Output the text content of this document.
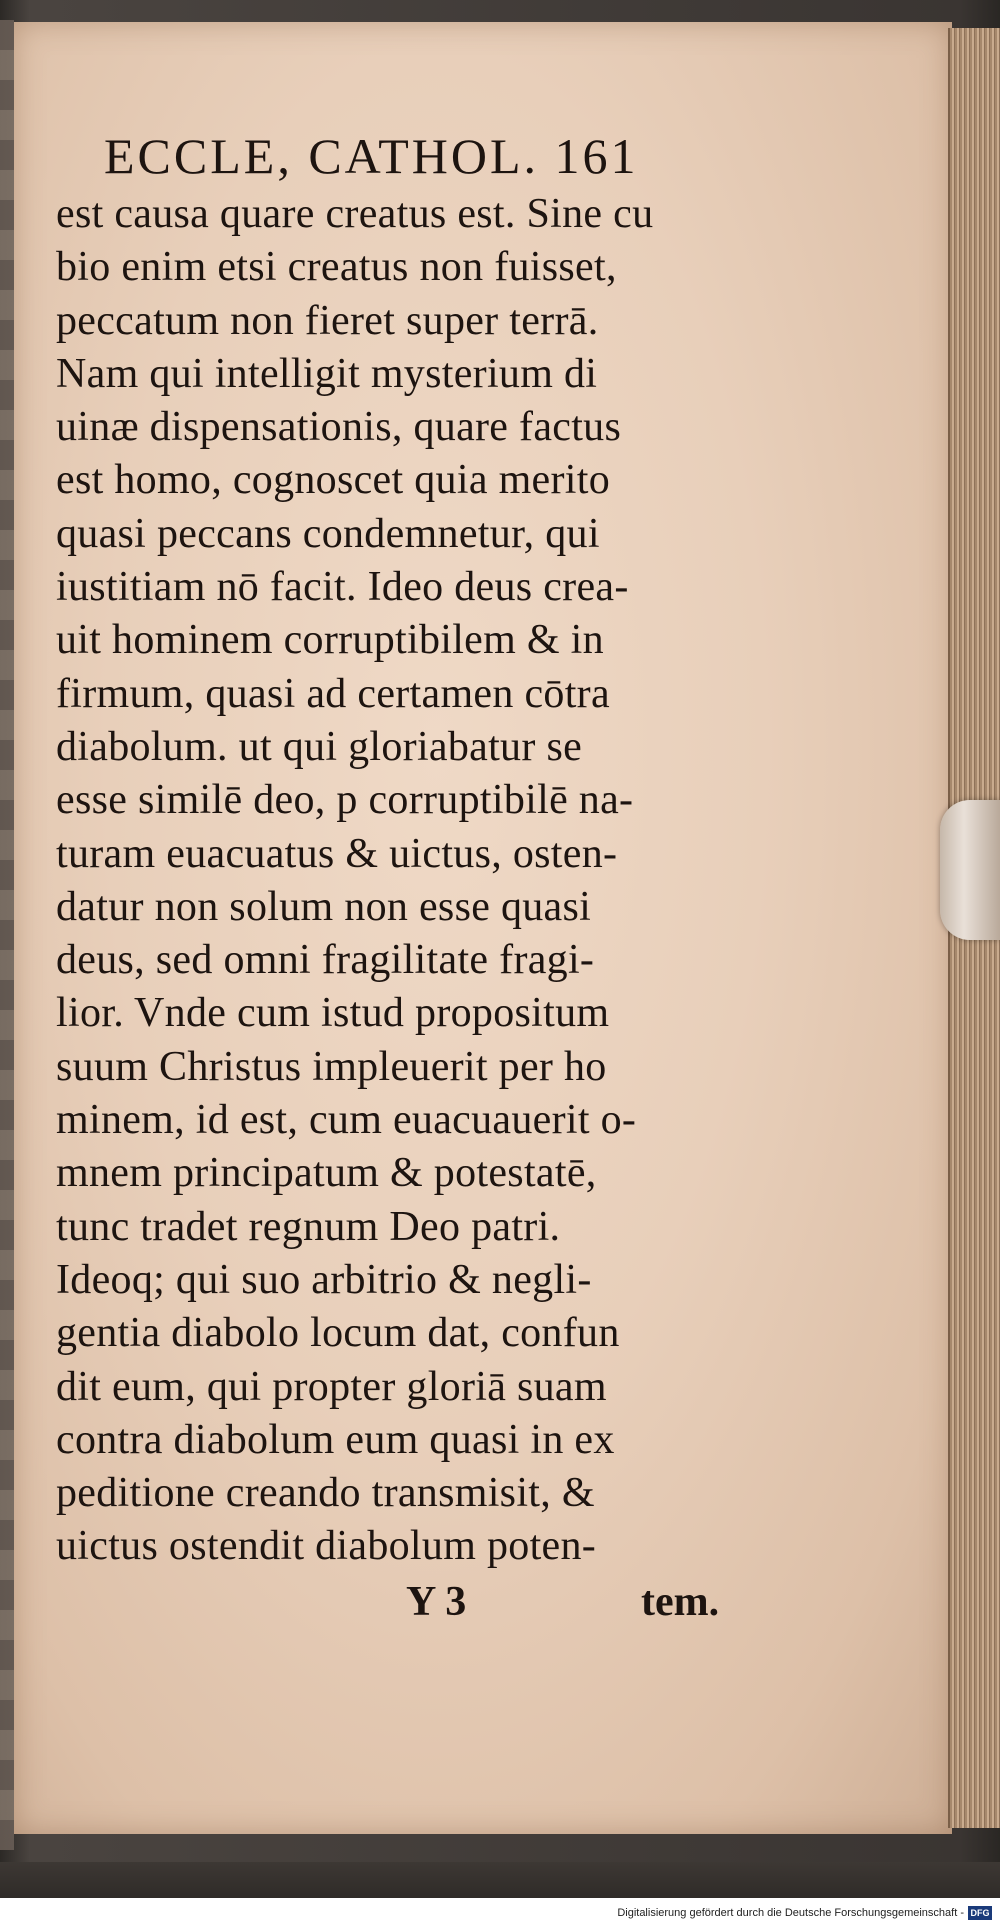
ECCLE, CATHOL. 161
est causa quare creatus est. Sine cu
bio enim etsi creatus non fuisset,
peccatum non fieret super terrā.
Nam qui intelligit mysterium di
uinæ dispensationis, quare factus
est homo, cognoscet quia merito
quasi peccans condemnetur, qui
iustitiam nō facit. Ideo deus crea-
uit hominem corruptibilem & in
firmum, quasi ad certamen cōtra
diabolum. ut qui gloriabatur se
esse similē deo, p corruptibilē na-
turam euacuatus & uictus, osten-
datur non solum non esse quasi
deus, sed omni fragilitate fragi-
lior. Vnde cum istud propositum
suum Christus impleuerit per ho
minem, id est, cum euacuauerit o-
mnem principatum & potestatē,
tunc tradet regnum Deo patri.
Ideoq; qui suo arbitrio & negli-
gentia diabolo locum dat, confun
dit eum, qui propter gloriā suam
contra diabolum eum quasi in ex
peditione creando transmisit, &
uictus ostendit diabolum poten-
Y 3	tem.
Digitalisierung gefördert durch die Deutsche Forschungsgemeinschaft - DFG
